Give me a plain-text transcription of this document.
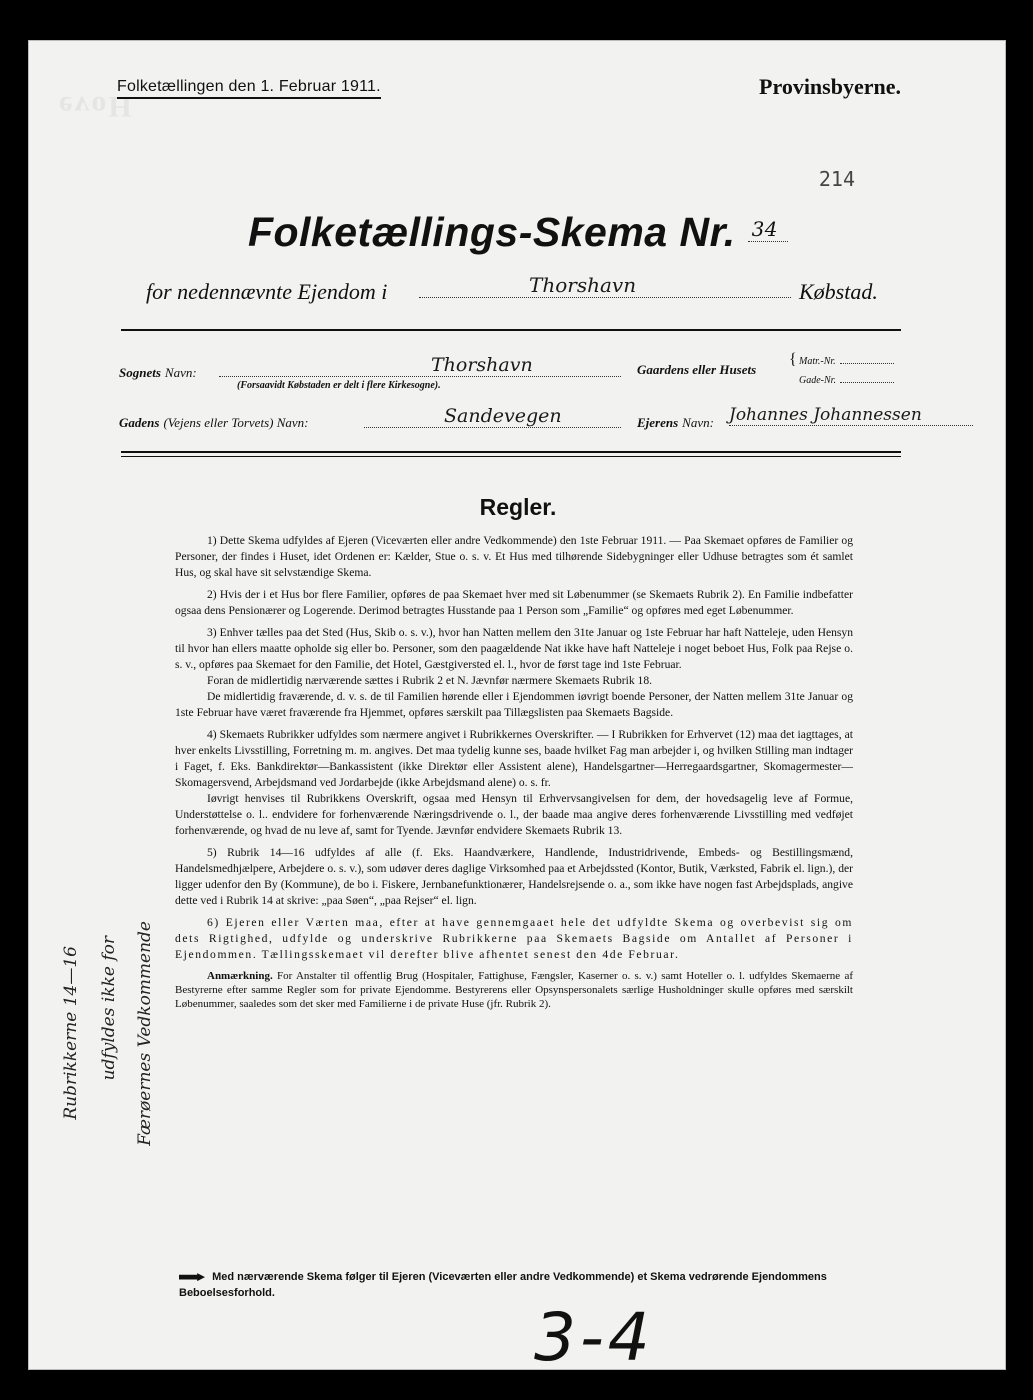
evoH
Folketællingen den 1. Februar 1911.	Provinsbyerne.
214
Folketællings-Skema Nr. $^{34}$
for nedennævnte Ejendom i	Thorshavn	Købstad.
Sognets Navn:	Thorshavn
(Forsaavidt Købstaden er delt i flere Kirkesogne).
Gaardens eller Husets
{ Matr.-Nr.
Gade-Nr.
Gadens (Vejens eller Torvets) Navn:	Sandevegen	Ejerens Navn: Johannes Johannessen
Regler.

1) Dette Skema udfyldes af Ejeren (Viceværten eller andre Vedkommende) den 1ste Februar 1911. — Paa Skemaet opføres de Familier og Personer, der findes i Huset, idet Ordenen er: Kælder, Stue o. s. v. Et Hus med tilhørende Sidebygninger eller Udhuse betragtes som ét samlet Hus, og skal have sit selvstændige Skema.

2) Hvis der i et Hus bor flere Familier, opføres de paa Skemaet hver med sit Løbenummer (se Skemaets Rubrik 2). En Familie indbefatter ogsaa dens Pensionærer og Logerende. Derimod betragtes Husstande paa 1 Person som „Familie“ og opføres med eget Løbenummer.

3) Enhver tælles paa det Sted (Hus, Skib o. s. v.), hvor han Natten mellem den 31te Januar og 1ste Februar har haft Natteleje, uden Hensyn til hvor han ellers maatte opholde sig eller bo. Personer, som den paagældende Nat ikke have haft Natteleje i noget beboet Hus, Folk paa Rejse o. s. v., opføres paa Skemaet for den Familie, det Hotel, Gæstgiversted el. l., hvor de først tage ind 1ste Februar.

Foran de midlertidig nærværende sættes i Rubrik 2 et N. Jævnfør nærmere Skemaets Rubrik 18.

De midlertidig fraværende, d. v. s. de til Familien hørende eller i Ejendommen iøvrigt boende Personer, der Natten mellem 31te Januar og 1ste Februar have været fraværende fra Hjemmet, opføres særskilt paa Tillægslisten paa Skemaets Bagside.

4) Skemaets Rubrikker udfyldes som nærmere angivet i Rubrikkernes Overskrifter. — I Rubrikken for Erhvervet (12) maa det iagttages, at hver enkelts Livsstilling, Forretning m. m. angives. Det maa tydelig kunne ses, baade hvilket Fag man arbejder i, og hvilken Stilling man indtager i Faget, f. Eks. Bankdirektør—Bankassistent (ikke Direktør eller Assistent alene), Handelsgartner—Herregaardsgartner, Skomagermester—Skomagersvend, Arbejdsmand ved Jordarbejde (ikke Arbejdsmand alene) o. s. fr.

Iøvrigt henvises til Rubrikkens Overskrift, ogsaa med Hensyn til Erhvervsangivelsen for dem, der hovedsagelig leve af Formue, Understøttelse o. l.. endvidere for forhenværende Næringsdrivende o. l., der baade maa angive deres forhenværende Livsstilling med vedføjet forhenværende, og hvad de nu leve af, samt for Tyende. Jævnfør endvidere Skemaets Rubrik 13.

5) Rubrik 14—16 udfyldes af alle (f. Eks. Haandværkere, Handlende, Industridrivende, Embeds- og Bestillingsmænd, Handelsmedhjælpere, Arbejdere o. s. v.), som udøver deres daglige Virksomhed paa et Arbejdssted (Kontor, Butik, Værksted, Fabrik el. lign.), der ligger udenfor den By (Kommune), de bo i. Fiskere, Jernbanefunktionærer, Handelsrejsende o. a., som ikke have nogen fast Arbejdsplads, angive dette ved i Rubrik 14 at skrive: „paa Søen“, „paa Rejser“ el. lign.

6) Ejeren eller Værten maa, efter at have gennemgaaet hele det udfyldte Skema og overbevist sig om dets Rigtighed, udfylde og underskrive Rubrikkerne paa Skemaets Bagside om Antallet af Personer i Ejendommen. Tællingsskemaet vil derefter blive afhentet senest den 4de Februar.

Anmærkning. For Anstalter til offentlig Brug (Hospitaler, Fattighuse, Fængsler, Kaserner o. s. v.) samt Hoteller o. l. udfyldes Skemaerne af Bestyrerne efter samme Regler som for private Ejendomme. Bestyrerens eller Opsynspersonalets særlige Husholdninger skulle opføres med særskilt Løbenummer, saaledes som det sker med Familierne i de private Huse (jfr. Rubrik 2).

Rubrikkerne 14—16 udfyldes ikke for Færøernes Vedkommende
Med nærværende Skema følger til Ejeren (Viceværten eller andre Vedkommende) et Skema vedrørende Ejendommens Beboelsesforhold.
3-4
